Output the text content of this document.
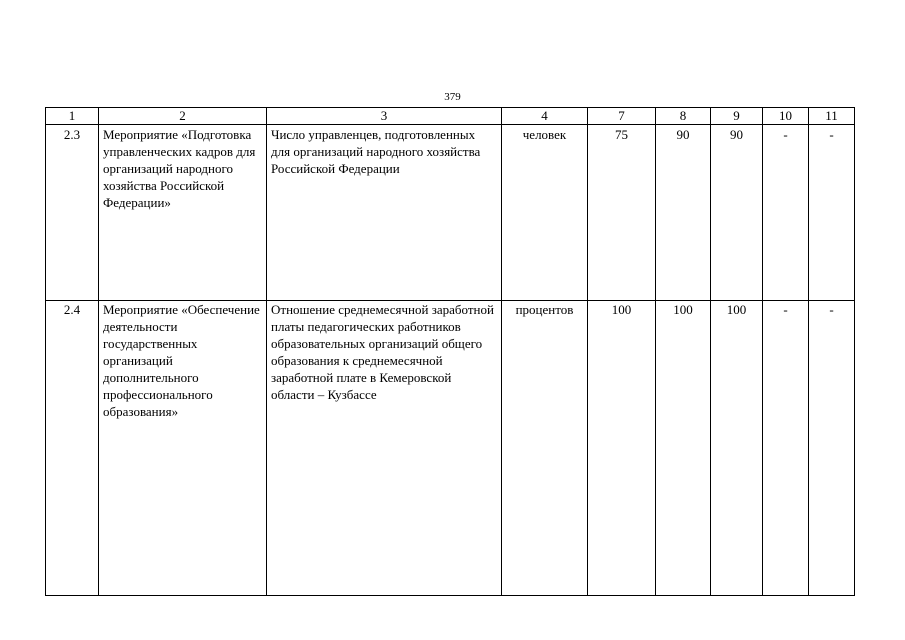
379
1	2	3	4	7	8	9	10	11
2.3	Мероприятие «Подготовка управленческих кадров для организаций народного хозяйства Российской Федерации»	Число управленцев, подготовленных для организаций народного хозяйства Российской Федерации	человек	75	90	90	-	-
2.4	Мероприятие «Обеспечение деятельности государственных организаций дополнительного профессионального образования»	Отношение среднемесячной заработной платы педагогических работников образовательных организаций общего образования к среднемесячной заработной плате в Кемеровской области – Кузбассе	процентов	100	100	100	-	-
